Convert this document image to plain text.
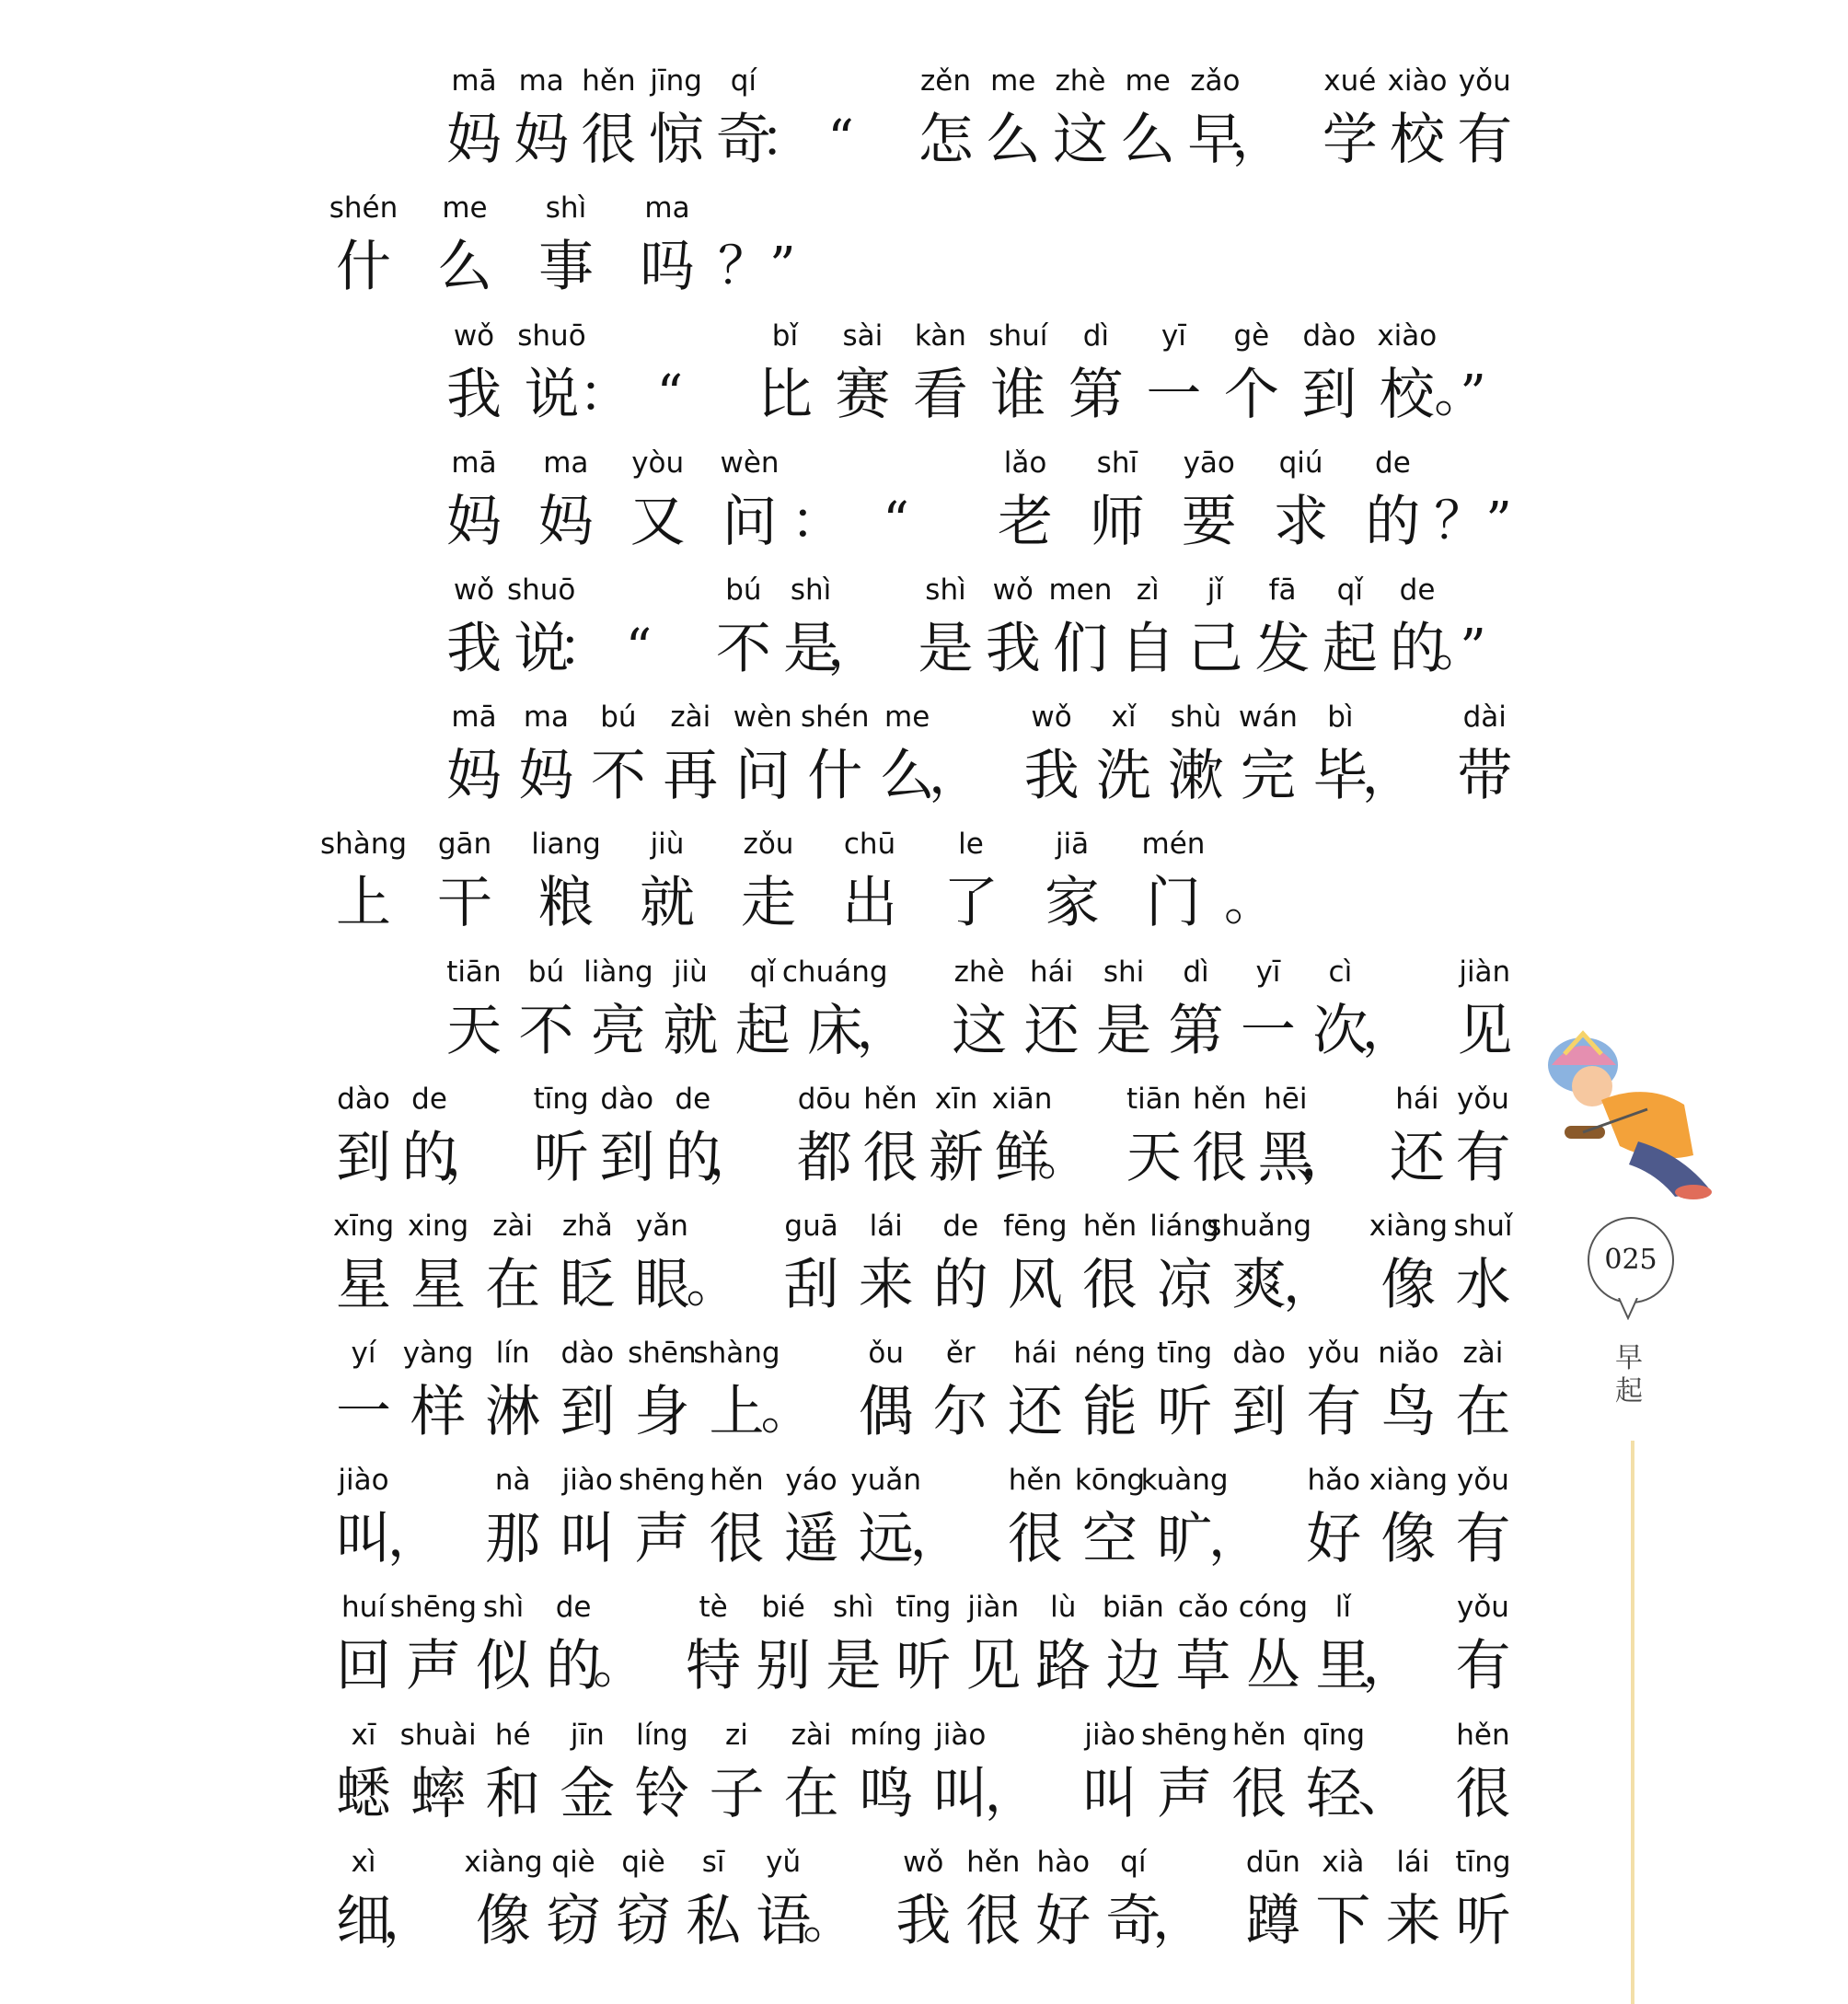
mā
妈
ma
妈
hěn
很
jīng
惊
qí
奇
： “
zěn
怎
me
么
zhè
这
me
么
zǎo
早
，
xué
学
xiào
校
yǒu
有
shén
什
me
么
shì
事
ma
吗 ？”
wǒ
我
shuō
说 ： “
bǐ
比
sài
赛
kàn
看
shuí
谁
dì
第
yī
一
gè
个
dào
到
xiào
校 。”
mā
妈
ma
妈
yòu
又
wèn
问 ： “
lǎo
老
shī
师
yāo
要
qiú
求
de
的 ？”
wǒ
我
shuō
说
： “
bú
不
shì
是
，
shì
是
wǒ
我
men
们
zì
自
jǐ
己
fā
发
qǐ
起
de
的
。”
mā
妈
ma
妈
bú
不
zài
再
wèn
问
shén
什
me
么
，
wǒ
我
xǐ
洗
shù
漱
wán
完
bì
毕
，
dài
带
shàng
上
gān
干
liang
粮
jiù
就
zǒu
走
chū
出
le
了
jiā
家
mén
门 。
tiān
天
bú
不
liàng
亮
jiù
就
qǐ
起
chuáng
床
，
zhè
这
hái
还
shi
是
dì
第
yī
一
cì
次
，
jiàn
见
dào
到
de
的
，
tīng
听
dào
到
de
的
，
dōu
都
hěn
很
xīn
新
xiān
鲜
。
tiān
天
hěn
很
hēi
黑
，
hái
还
yǒu
有
xīng
星
xing
星
zài
在
zhǎ
眨
yǎn
眼
。
guā
刮
lái
来
de
的
fēng
风
hěn
很
liáng
凉
shuǎng
爽
，
xiàng
像
shuǐ
水
yí
一
yàng
样
lín
淋
dào
到
shēn
身
shàng
上
。
ǒu
偶
ěr
尔
hái
还
néng
能
tīng
听
dào
到
yǒu
有
niǎo
鸟
zài
在
jiào
叫
，
nà
那
jiào
叫
shēng
声
hěn
很
yáo
遥
yuǎn
远
，
hěn
很
kōng
空
kuàng
旷
，
hǎo
好
xiàng
像
yǒu
有
huí
回
shēng
声
shì
似
de
的
。
tè
特
bié
别
shì
是
tīng
听
jiàn
见
lù
路
biān
边
cǎo
草
cóng
丛
lǐ
里
，
yǒu
有
xī
蟋
shuài
蟀
hé
和
jīn
金
líng
铃
zi
子
zài
在
míng
鸣
jiào
叫
，
jiào
叫
shēng
声
hěn
很
qīng
轻
、
hěn
很
xì
细
，
xiàng
像
qiè
窃
qiè
窃
sī
私
yǔ
语
。
wǒ
我
hěn
很
hào
好
qí
奇
，
dūn
蹲
xià
下
lái
来
tīng
听
025
早起
